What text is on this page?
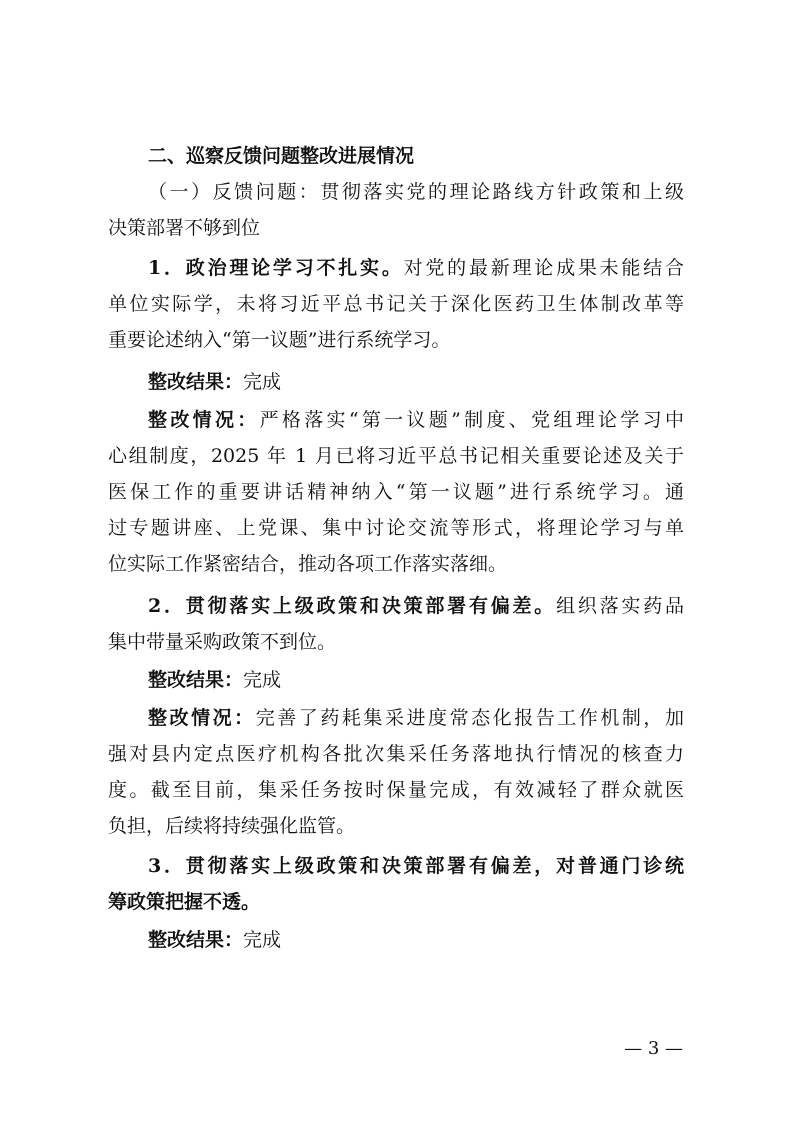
二、巡察反馈问题整改进展情况
（一）反馈问题：贯彻落实党的理论路线方针政策和上级
决策部署不够到位
1．政治理论学习不扎实。对党的最新理论成果未能结合
单位实际学，未将习近平总书记关于深化医药卫生体制改革等
重要论述纳入“第一议题”进行系统学习。
整改结果：完成
整改情况：严格落实“第一议题”制度、党组理论学习中
心组制度，2025 年 1 月已将习近平总书记相关重要论述及关于
医保工作的重要讲话精神纳入“第一议题”进行系统学习。通
过专题讲座、上党课、集中讨论交流等形式，将理论学习与单
位实际工作紧密结合，推动各项工作落实落细。
2．贯彻落实上级政策和决策部署有偏差。组织落实药品
集中带量采购政策不到位。
整改结果：完成
整改情况：完善了药耗集采进度常态化报告工作机制，加
强对县内定点医疗机构各批次集采任务落地执行情况的核查力
度。截至目前，集采任务按时保量完成，有效减轻了群众就医
负担，后续将持续强化监管。
3．贯彻落实上级政策和决策部署有偏差，对普通门诊统
筹政策把握不透。
整改结果：完成
— 3 —
